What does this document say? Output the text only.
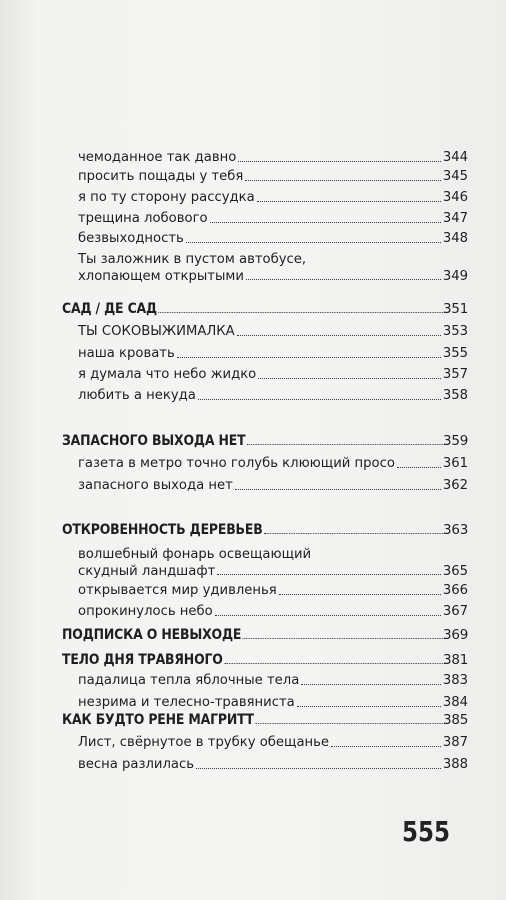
чемоданное так давно	344
просить пощады у тебя	345
я по ту сторону рассудка	346
трещина лобового	347
безвыходность	348
Ты заложник в пустом автобусе,
хлопающем открытыми	349
САД / ДЕ САД	351
ТЫ СОКОВЫЖИМАЛКА	353
наша кровать	355
я думала что небо жидко	357
любить а некуда	358
ЗАПАСНОГО ВЫХОДА НЕТ	359
газета в метро точно голубь клюющий просо	361
запасного выхода нет	362
ОТКРОВЕННОСТЬ ДЕРЕВЬЕВ	363
волшебный фонарь освещающий
скудный ландшафт	365
открывается мир удивленья	366
опрокинулось небо	367
ПОДПИСКА О НЕВЫХОДЕ	369
ТЕЛО ДНЯ ТРАВЯНОГО	381
падалица тепла яблочные тела	383
незрима и телесно-травяниста	384
КАК БУДТО РЕНЕ МАГРИТТ	385
Лист, свёрнутое в трубку обещанье	387
весна разлилась	388
555
